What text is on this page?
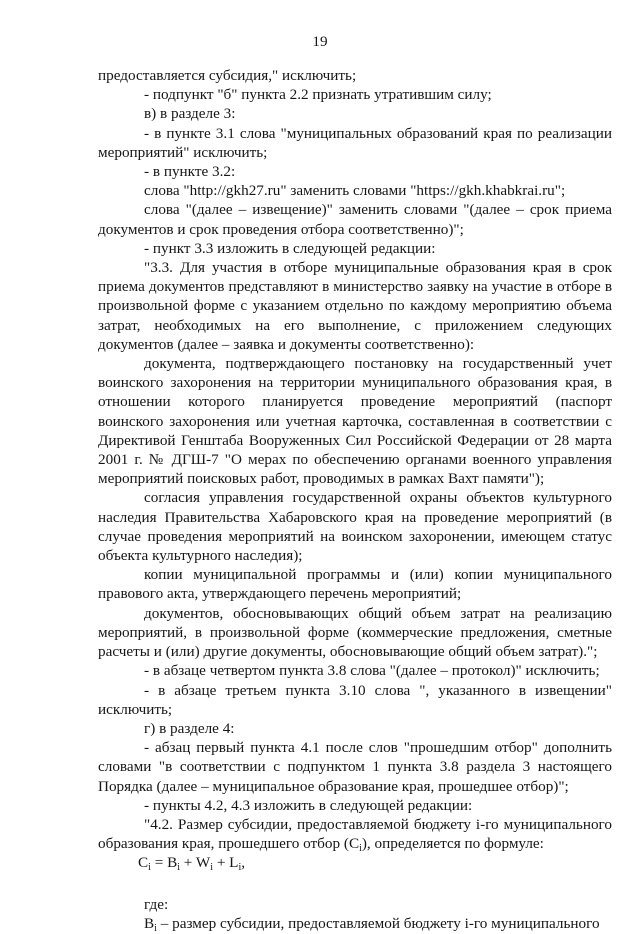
19

предоставляется субсидия," исключить;

- подпункт "б" пункта 2.2 признать утратившим силу;

в) в разделе 3:

- в пункте 3.1 слова "муниципальных образований края по реализации мероприятий" исключить;

- в пункте 3.2:

слова "http://gkh27.ru" заменить словами "https://gkh.khabkrai.ru";

слова "(далее – извещение)" заменить словами "(далее – срок приема документов и срок проведения отбора соответственно)";

- пункт 3.3 изложить в следующей редакции:

"3.3. Для участия в отборе муниципальные образования края в срок приема документов представляют в министерство заявку на участие в отборе в произвольной форме с указанием отдельно по каждому мероприятию объема затрат, необходимых на его выполнение, с приложением следующих документов (далее – заявка и документы соответственно):

документа, подтверждающего постановку на государственный учет воинского захоронения на территории муниципального образования края, в отношении которого планируется проведение мероприятий (паспорт воинского захоронения или учетная карточка, составленная в соответствии с Директивой Генштаба Вооруженных Сил Российской Федерации от 28 марта 2001 г. № ДГШ-7 "О мерах по обеспечению органами военного управления мероприятий поисковых работ, проводимых в рамках Вахт памяти");

согласия управления государственной охраны объектов культурного наследия Правительства Хабаровского края на проведение мероприятий (в случае проведения мероприятий на воинском захоронении, имеющем статус объекта культурного наследия);

копии муниципальной программы и (или) копии муниципального правового акта, утверждающего перечень мероприятий;

документов, обосновывающих общий объем затрат на реализацию мероприятий, в произвольной форме (коммерческие предложения, сметные расчеты и (или) другие документы, обосновывающие общий объем затрат).";

- в абзаце четвертом пункта 3.8 слова "(далее – протокол)" исключить;

- в абзаце третьем пункта 3.10 слова ", указанного в извещении" исключить;

г) в разделе 4:

- абзац первый пункта 4.1 после слов "прошедшим отбор" дополнить словами "в соответствии с подпунктом 1 пункта 3.8 раздела 3 настоящего Порядка (далее – муниципальное образование края, прошедшее отбор)";

- пункты 4.2, 4.3 изложить в следующей редакции:

"4.2. Размер субсидии, предоставляемой бюджету i-го муниципального образования края, прошедшего отбор $(C_i)$, определяется по формуле:

$C_i = B_i + W_i + L_i$,

где:

$B_i$ – размер субсидии, предоставляемой бюджету i-го муниципального
